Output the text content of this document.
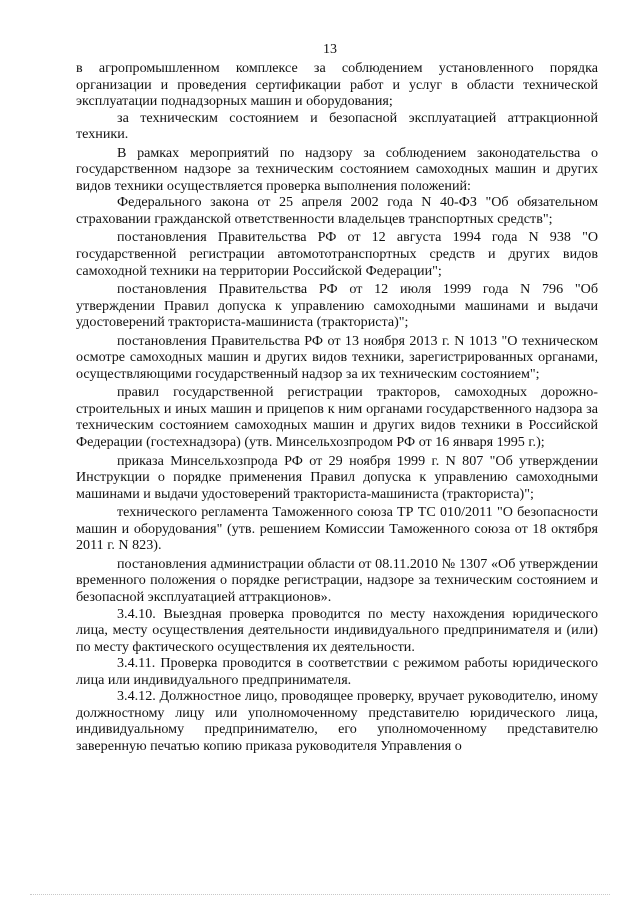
13

в агропромышленном комплексе за соблюдением установленного порядка организации и проведения сертификации работ и услуг в области технической эксплуатации поднадзорных машин и оборудования;

за техническим состоянием и безопасной эксплуатацией аттракционной техники.

В рамках мероприятий по надзору за соблюдением законодательства о государственном надзоре за техническим состоянием самоходных машин и других видов техники осуществляется проверка выполнения положений:

Федерального закона от 25 апреля 2002 года N 40-ФЗ "Об обязательном страховании гражданской ответственности владельцев транспортных средств";

постановления Правительства РФ от 12 августа 1994 года N 938 "О государственной регистрации автомототранспортных средств и других видов самоходной техники на территории Российской Федерации";

постановления Правительства РФ от 12 июля 1999 года N 796 "Об утверждении Правил допуска к управлению самоходными машинами и выдачи удостоверений тракториста-машиниста (тракториста)";

постановления Правительства РФ от 13 ноября 2013 г. N 1013 "О техническом осмотре самоходных машин и других видов техники, зарегистрированных органами, осуществляющими государственный надзор за их техническим состоянием";

правил государственной регистрации тракторов, самоходных дорожно-строительных и иных машин и прицепов к ним органами государственного надзора за техническим состоянием самоходных машин и других видов техники в Российской Федерации (гостехнадзора) (утв. Минсельхозпродом РФ от 16 января 1995 г.);

приказа Минсельхозпрода РФ от 29 ноября 1999 г. N 807 "Об утверждении Инструкции о порядке применения Правил допуска к управлению самоходными машинами и выдачи удостоверений тракториста-машиниста (тракториста)";

технического регламента Таможенного союза ТР ТС 010/2011 "О безопасности машин и оборудования" (утв. решением Комиссии Таможенного союза от 18 октября 2011 г. N 823).

постановления администрации области от 08.11.2010 № 1307 «Об утверждении временного положения о порядке регистрации, надзоре за техническим состоянием и безопасной эксплуатацией аттракционов».

3.4.10. Выездная проверка проводится по месту нахождения юридического лица, месту осуществления деятельности индивидуального предпринимателя и (или) по месту фактического осуществления их деятельности.

3.4.11. Проверка проводится в соответствии с режимом работы юридического лица или индивидуального предпринимателя.

3.4.12. Должностное лицо, проводящее проверку, вручает руководителю, иному должностному лицу или уполномоченному представителю юридического лица, индивидуальному предпринимателю, его уполномоченному представителю заверенную печатью копию приказа руководителя Управления о
